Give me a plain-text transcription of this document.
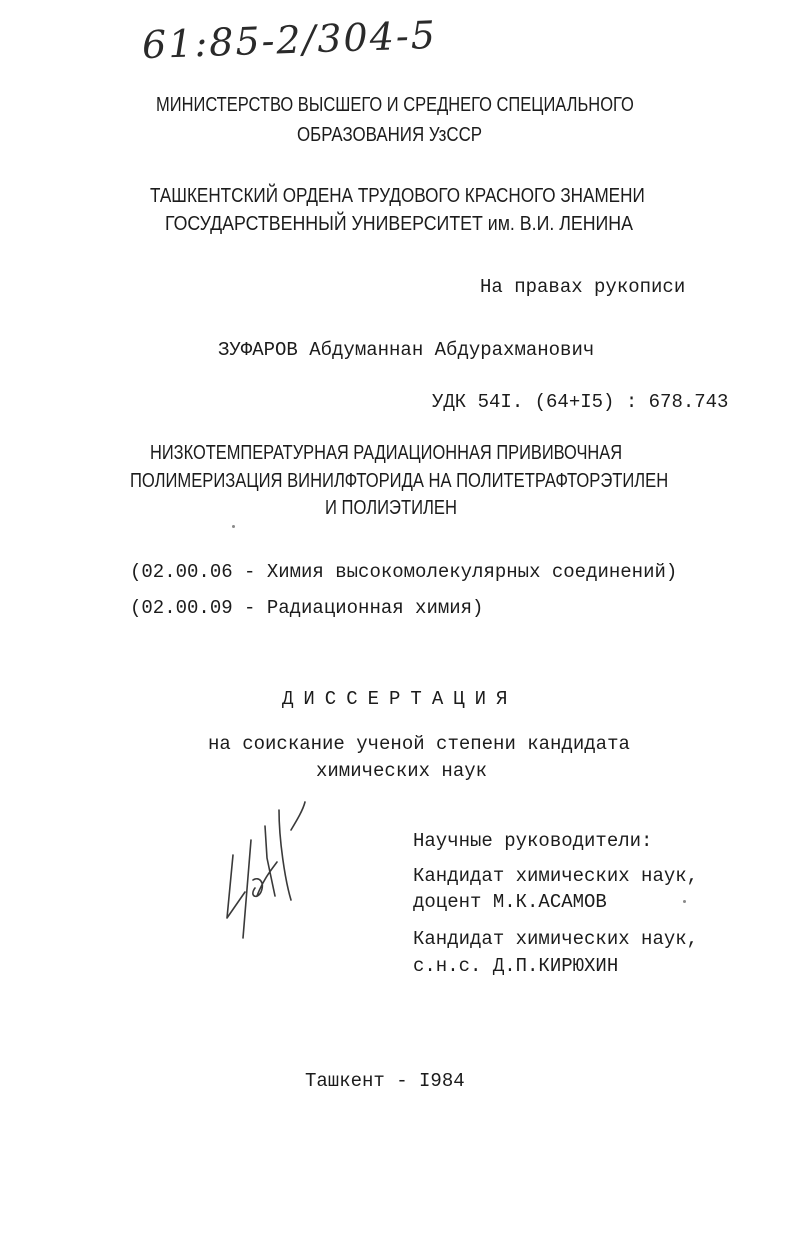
61:85-2/304-5
МИНИСТЕРСТВО ВЫСШЕГО И СРЕДНЕГО СПЕЦИАЛЬНОГО
ОБРАЗОВАНИЯ УзССР
ТАШКЕНТСКИЙ ОРДЕНА ТРУДОВОГО КРАСНОГО ЗНАМЕНИ
ГОСУДАРСТВЕННЫЙ УНИВЕРСИТЕТ им. В.И. ЛЕНИНА
На правах рукописи
ЗУФАРОВ Абдуманнан Абдурахманович
УДК 54I. (64+I5) : 678.743
НИЗКОТЕМПЕРАТУРНАЯ РАДИАЦИОННАЯ ПРИВИВОЧНАЯ
ПОЛИМЕРИЗАЦИЯ ВИНИЛФТОРИДА НА ПОЛИТЕТРАФТОРЭТИЛЕН
И ПОЛИЭТИЛЕН
(02.00.06 - Химия высокомолекулярных соединений)
(02.00.09 - Радиационная химия)
ДИССЕРТАЦИЯ
на соискание ученой степени кандидата
химических наук
Научные руководители:
Кандидат химических наук,
доцент М.К.АСАМОВ
Кандидат химических наук,
с.н.с. Д.П.КИРЮХИН
Ташкент - I984
